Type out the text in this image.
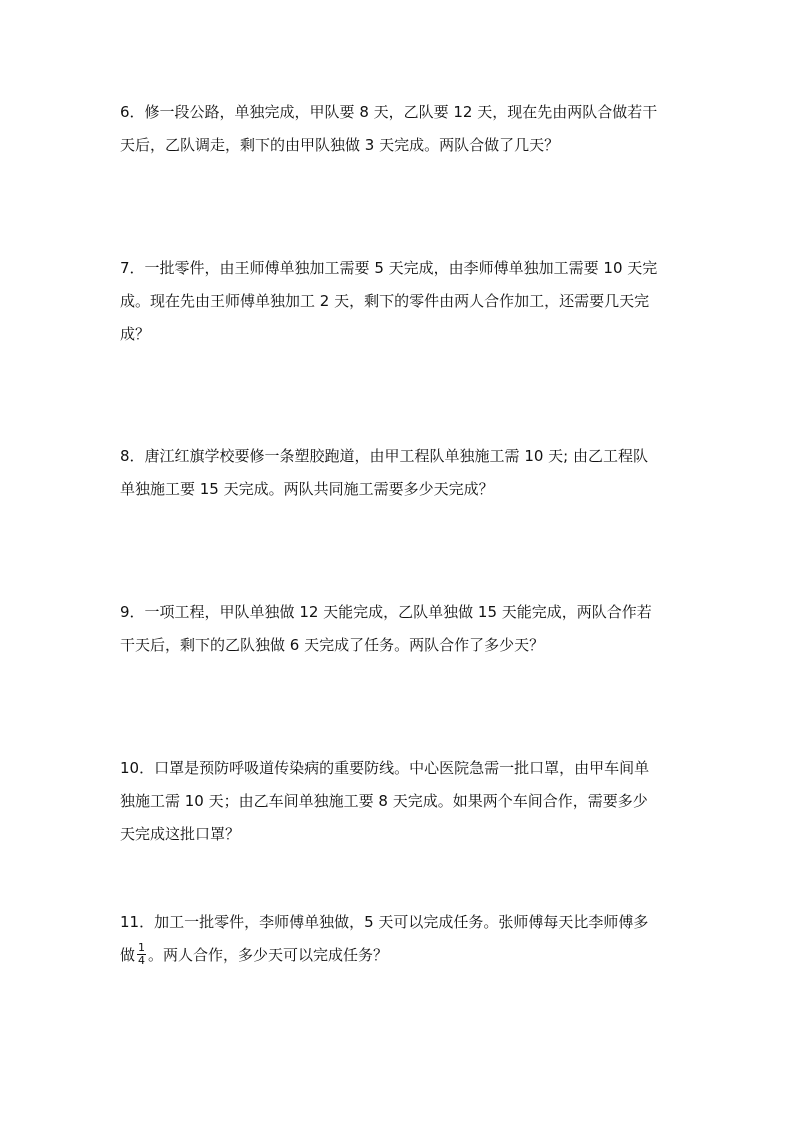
6．修一段公路，单独完成，甲队要 8 天，乙队要 12 天，现在先由两队合做若干
天后，乙队调走，剩下的由甲队独做 3 天完成。两队合做了几天？
7．一批零件，由王师傅单独加工需要 5 天完成，由李师傅单独加工需要 10 天完
成。现在先由王师傅单独加工 2 天，剩下的零件由两人合作加工，还需要几天完
成？
8．唐江红旗学校要修一条塑胶跑道，由甲工程队单独施工需 10 天; 由乙工程队
单独施工要 15 天完成。两队共同施工需要多少天完成？
9．一项工程，甲队单独做 12 天能完成，乙队单独做 15 天能完成，两队合作若
干天后，剩下的乙队独做 6 天完成了任务。两队合作了多少天？
10．口罩是预防呼吸道传染病的重要防线。中心医院急需一批口罩，由甲车间单
独施工需 10 天；由乙车间单独施工要 8 天完成。如果两个车间合作，需要多少
天完成这批口罩？
11．加工一批零件，李师傅单独做，5 天可以完成任务。张师傅每天比李师傅多
做 $\frac{1}{4}$ 。两人合作，多少天可以完成任务？
